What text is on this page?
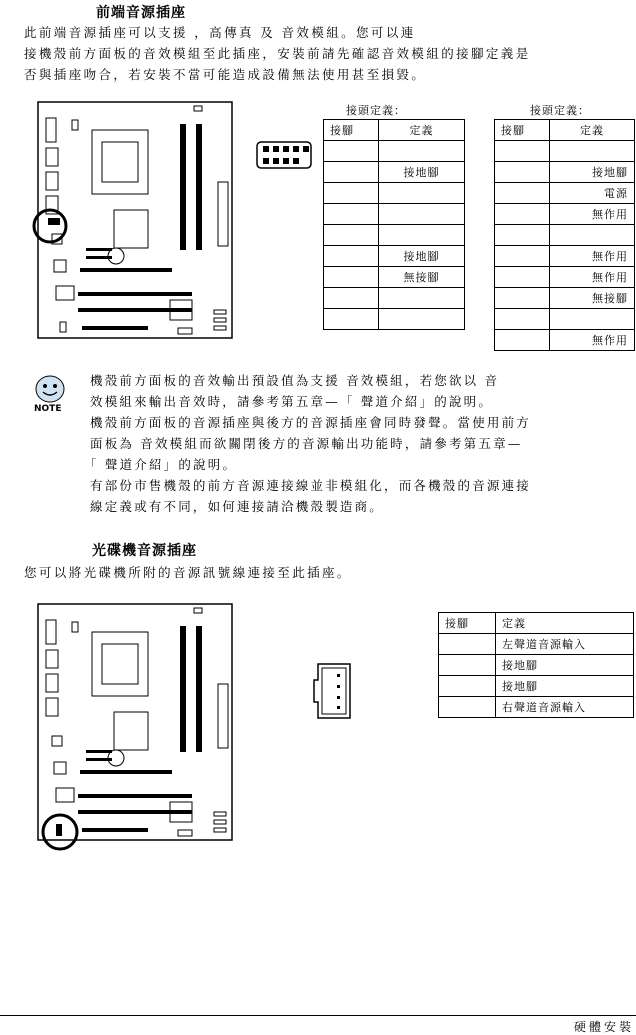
前端音源插座
此前端音源插座可以支援 ，高傳真 及 音效模組。您可以連
接機殼前方面板的音效模組至此插座，安裝前請先確認音效模組的接腳定義是
否與插座吻合，若安裝不當可能造成設備無法使用甚至損毀。
接頭定義：
接腳	定義

	接地腳

	接地腳
	無接腳

接頭定義：
接腳	定義

	接地腳
	電源
	無作用

	無作用
	無作用
	無接腳

	無作用
NOTE
機殼前方面板的音效輸出預設值為支援 音效模組，若您欲以 音
效模組來輸出音效時，請參考第五章—「 聲道介紹」的說明。
機殼前方面板的音源插座與後方的音源插座會同時發聲。當使用前方
面板為 音效模組而欲關閉後方的音源輸出功能時，請參考第五章—
「 聲道介紹」的說明。
有部份市售機殼的前方音源連接線並非模組化，而各機殼的音源連接
線定義或有不同，如何連接請洽機殼製造商。
光碟機音源插座
您可以將光碟機所附的音源訊號線連接至此插座。
接腳	定義
	左聲道音源輸入
	接地腳
	接地腳
	右聲道音源輸入
硬體安裝
